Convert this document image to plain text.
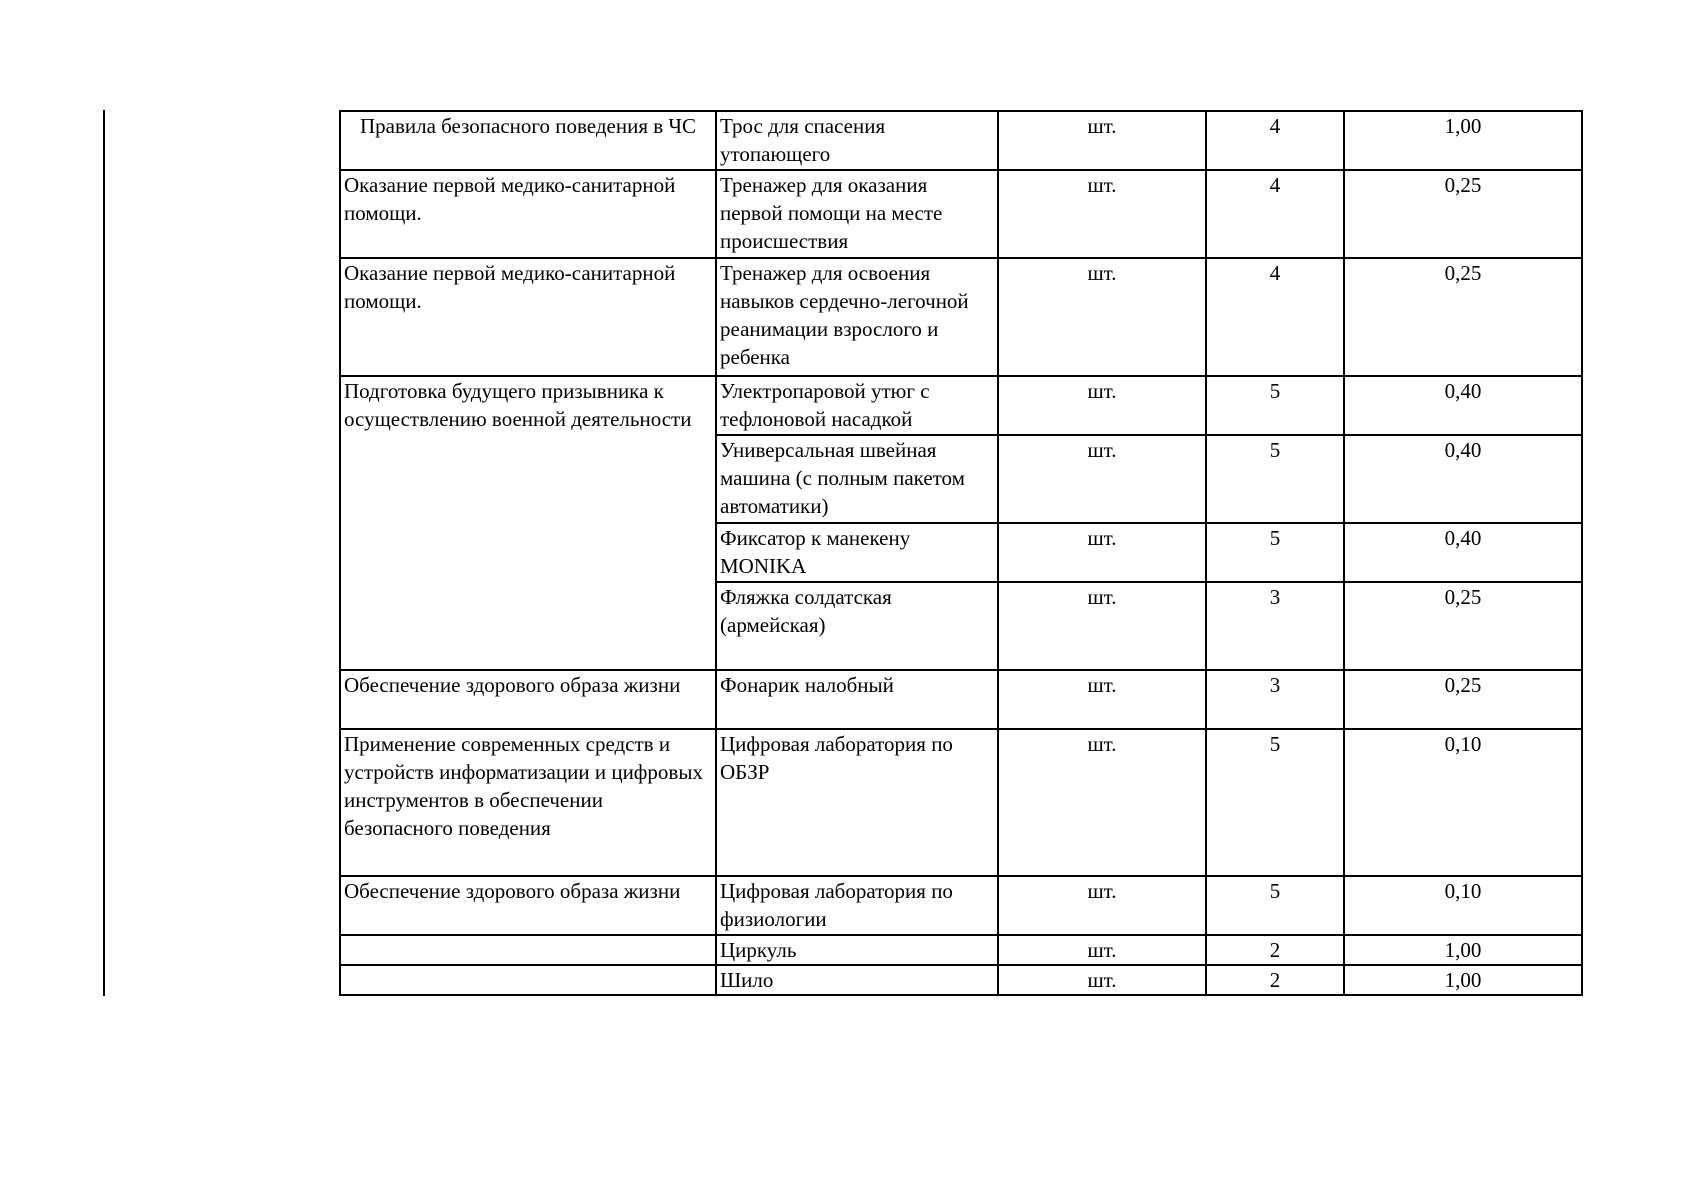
Правила безопасного поведения в ЧС	Трос для спасения утопающего	шт.	4	1,00
Оказание первой медико-санитарной помощи.	Тренажер для оказания первой помощи на месте происшествия	шт.	4	0,25
Оказание первой медико-санитарной помощи.	Тренажер для освоения навыков сердечно-легочной реанимации взрослого и ребенка	шт.	4	0,25
Подготовка будущего призывника к осуществлению военной деятельности	Улектропаровой утюг с тефлоновой насадкой	шт.	5	0,40
	Универсальная швейная машина (с полным пакетом автоматики)	шт.	5	0,40
	Фиксатор к манекену MONIKA	шт.	5	0,40
	Фляжка солдатская (армейская)	шт.	3	0,25
Обеспечение здорового образа жизни	Фонарик налобный	шт.	3	0,25
Применение современных средств и устройств информатизации и цифровых инструментов в обеспечении безопасного поведения	Цифровая лаборатория по ОБЗР	шт.	5	0,10
Обеспечение здорового образа жизни	Цифровая лаборатория по физиологии	шт.	5	0,10
	Циркуль	шт.	2	1,00
	Шило	шт.	2	1,00
